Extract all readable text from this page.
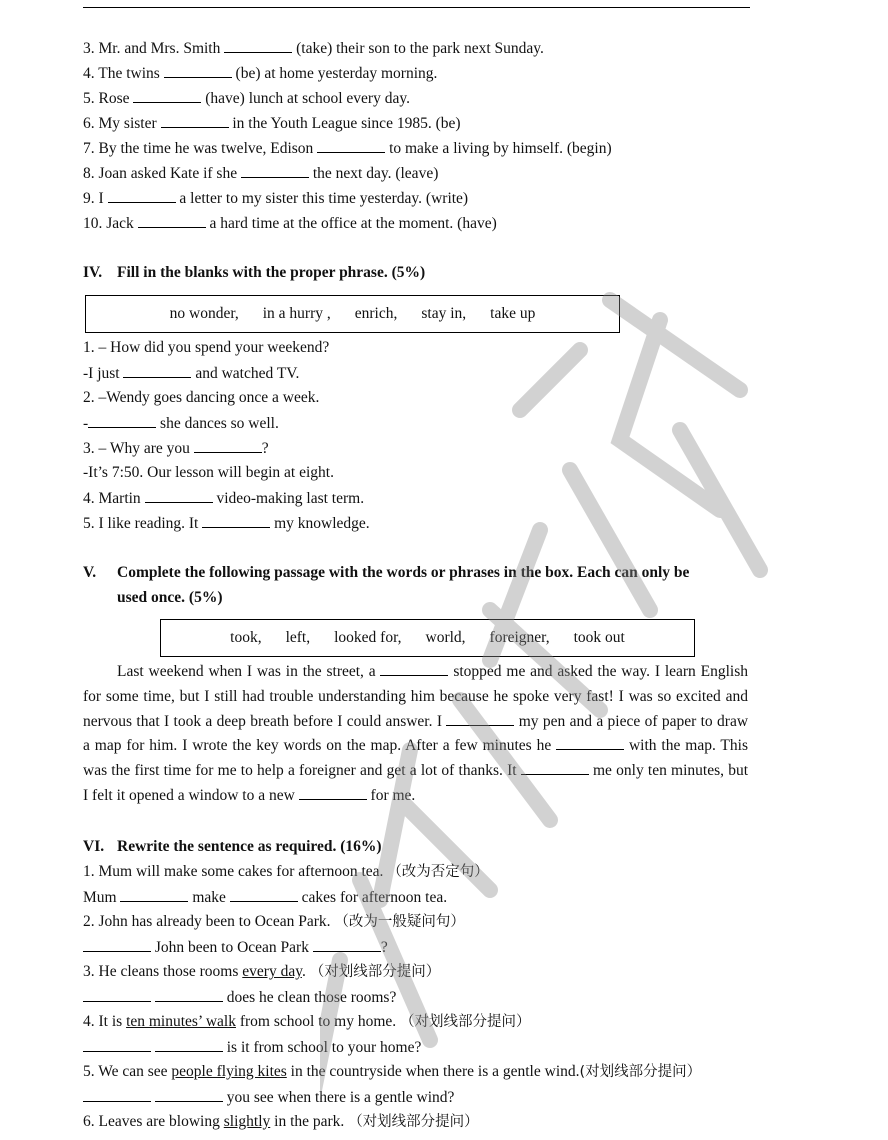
3. Mr. and Mrs. Smith	(take) their son to the park next Sunday.
4. The twins	(be) at home yesterday morning.
5. Rose	(have) lunch at school every day.
6. My sister	in the Youth League since 1985. (be)
7. By the time he was twelve, Edison	to make a living by himself. (begin)
8. Joan asked Kate if she	the next day. (leave)
9. I	a letter to my sister this time yesterday. (write)
10. Jack	a hard time at the office at the moment. (have)
IV. Fill in the blanks with the proper phrase. (5%)
no wonder, in a hurry , enrich, stay in, take up
1. – How did you spend your weekend?
-I just	and watched TV.
2. –Wendy goes dancing once a week.
-	she dances so well.
3. – Why are you	?
-It’s 7:50. Our lesson will begin at eight.
4. Martin	video-making last term.
5. I like reading. It	my knowledge.
V. Complete the following passage with the words or phrases in the box. Each can only be
used once. (5%)
took, left, looked for, world, foreigner, took out
Last weekend when I was in the street, a	stopped me and asked the way. I learn English for some time, but I still had trouble understanding him because he spoke very fast! I was so excited and nervous that I took a deep breath before I could answer. I	my pen and a piece of paper to draw a map for him. I wrote the key words on the map. After a few minutes he	with the map. This was the first time for me to help a foreigner and get a lot of thanks. It	me only ten minutes, but I felt it opened a window to a new	for me.
VI. Rewrite the sentence as required. (16%)
1. Mum will make some cakes for afternoon tea. （改为否定句）
Mum	make	cakes for afternoon tea.
2. John has already been to Ocean Park. （改为一般疑问句）
John been to Ocean Park	?
3. He cleans those rooms every day. （对划线部分提问）
does he clean those rooms?
4. It is ten minutes’ walk from school to my home. （对划线部分提问）
is it from school to your home?
5. We can see people flying kites in the countryside when there is a gentle wind.(对划线部分提问）
you see when there is a gentle wind?
6. Leaves are blowing slightly in the park. （对划线部分提问）
